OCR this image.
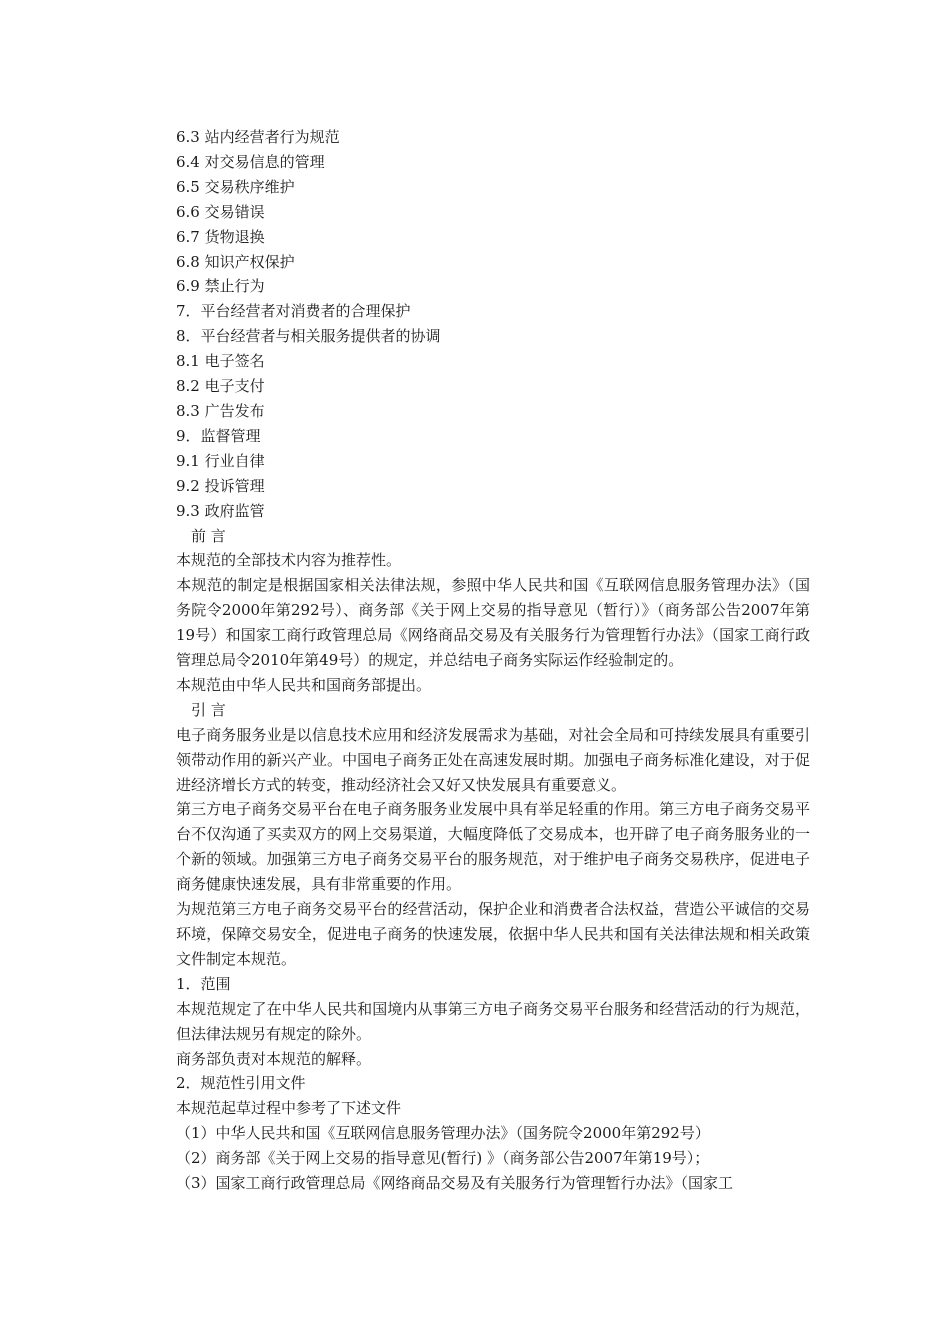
6.3 站内经营者行为规范

6.4 对交易信息的管理

6.5 交易秩序维护

6.6 交易错误

6.7 货物退换

6.8 知识产权保护

6.9 禁止行为

7．平台经营者对消费者的合理保护

8．平台经营者与相关服务提供者的协调

8.1 电子签名

8.2 电子支付

8.3 广告发布

9．监督管理

9.1 行业自律

9.2 投诉管理

9.3 政府监管

前 言

本规范的全部技术内容为推荐性。

本规范的制定是根据国家相关法律法规，参照中华人民共和国《互联网信息服务管理办法》（国务院令2000年第292号）、商务部《关于网上交易的指导意见（暂行）》（商务部公告2007年第19号）和国家工商行政管理总局《网络商品交易及有关服务行为管理暂行办法》（国家工商行政管理总局令2010年第49号）的规定，并总结电子商务实际运作经验制定的。

本规范由中华人民共和国商务部提出。

引 言

电子商务服务业是以信息技术应用和经济发展需求为基础，对社会全局和可持续发展具有重要引领带动作用的新兴产业。中国电子商务正处在高速发展时期。加强电子商务标准化建设，对于促进经济增长方式的转变，推动经济社会又好又快发展具有重要意义。

第三方电子商务交易平台在电子商务服务业发展中具有举足轻重的作用。第三方电子商务交易平台不仅沟通了买卖双方的网上交易渠道，大幅度降低了交易成本，也开辟了电子商务服务业的一个新的领域。加强第三方电子商务交易平台的服务规范，对于维护电子商务交易秩序，促进电子商务健康快速发展，具有非常重要的作用。

为规范第三方电子商务交易平台的经营活动，保护企业和消费者合法权益，营造公平诚信的交易环境，保障交易安全，促进电子商务的快速发展，依据中华人民共和国有关法律法规和相关政策文件制定本规范。

1．范围

本规范规定了在中华人民共和国境内从事第三方电子商务交易平台服务和经营活动的行为规范，但法律法规另有规定的除外。

商务部负责对本规范的解释。

2．规范性引用文件

本规范起草过程中参考了下述文件

（1）中华人民共和国《互联网信息服务管理办法》（国务院令2000年第292号）

（2）商务部《关于网上交易的指导意见(暂行) 》（商务部公告2007年第19号）；

（3）国家工商行政管理总局《网络商品交易及有关服务行为管理暂行办法》（国家工
